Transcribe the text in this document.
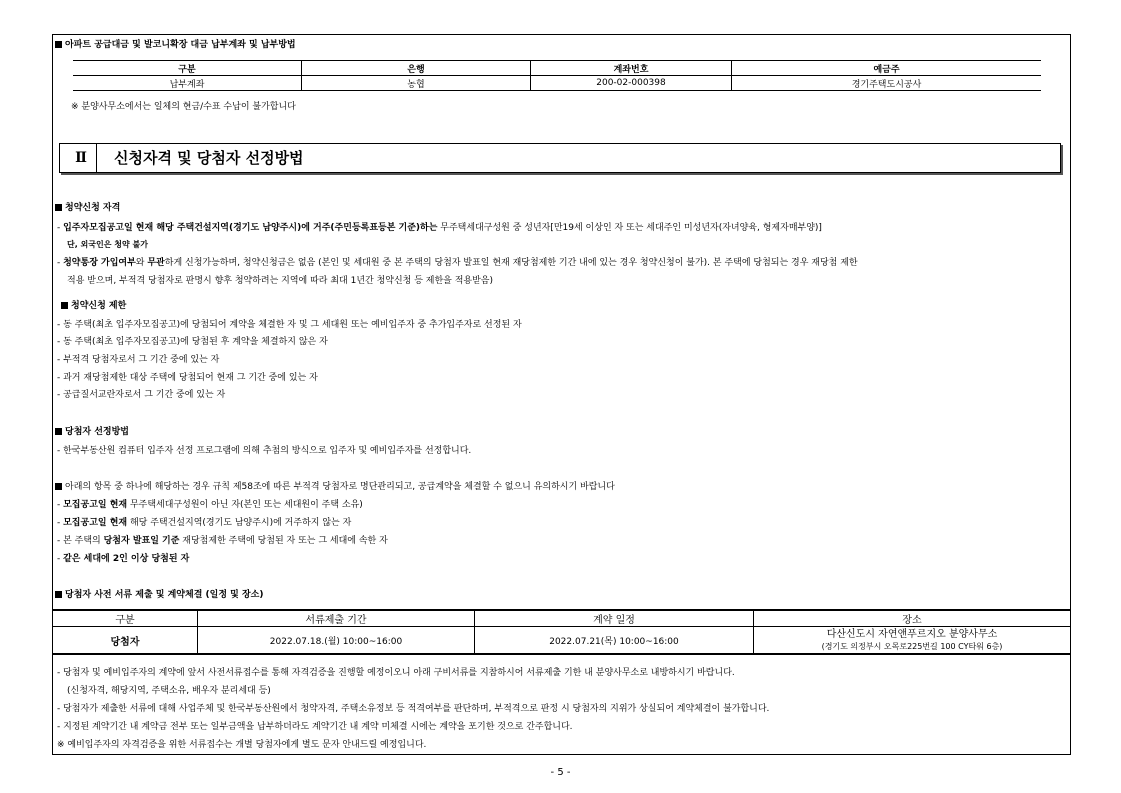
아파트 공급대금 및 발코니확장 대금 납부계좌 및 납부방법
구분	은행	계좌번호	예금주
납부계좌	농협	200-02-000398	경기주택도시공사
※ 분양사무소에서는 일체의 현금/수표 수납이 불가합니다
Ⅱ	신청자격 및 당첨자 선정방법
청약신청 자격
- 입주자모집공고일 현재 해당 주택건설지역(경기도 남양주시)에 거주(주민등록표등본 기준)하는 무주택세대구성원 중 성년자[만19세 이상인 자 또는 세대주인 미성년자(자녀양육, 형제자매부양)]
단, 외국인은 청약 불가
- 청약통장 가입여부와 무관하게 신청가능하며, 청약신청금은 없음 (본인 및 세대원 중 본 주택의 당첨자 발표일 현재 재당첨제한 기간 내에 있는 경우 청약신청이 불가). 본 주택에 당첨되는 경우 재당첨 제한
적용 받으며, 부적격 당첨자로 판명시 향후 청약하려는 지역에 따라 최대 1년간 청약신청 등 제한을 적용받음)
청약신청 제한
- 동 주택(최초 입주자모집공고)에 당첨되어 계약을 체결한 자 및 그 세대원 또는 예비입주자 중 추가입주자로 선정된 자
- 동 주택(최초 입주자모집공고)에 당첨된 후 계약을 체결하지 않은 자
- 부적격 당첨자로서 그 기간 중에 있는 자
- 과거 재당첨제한 대상 주택에 당첨되어 현재 그 기간 중에 있는 자
- 공급질서교란자로서 그 기간 중에 있는 자
당첨자 선정방법
- 한국부동산원 컴퓨터 입주자 선정 프로그램에 의해 추첨의 방식으로 입주자 및 예비입주자를 선정합니다.
아래의 항목 중 하나에 해당하는 경우 규칙 제58조에 따른 부적격 당첨자로 명단관리되고, 공급계약을 체결할 수 없으니 유의하시기 바랍니다
- 모집공고일 현재 무주택세대구성원이 아닌 자(본인 또는 세대원이 주택 소유)
- 모집공고일 현재 해당 주택건설지역(경기도 남양주시)에 거주하지 않는 자
- 본 주택의 당첨자 발표일 기준 재당첨제한 주택에 당첨된 자 또는 그 세대에 속한 자
- 같은 세대에 2인 이상 당첨된 자
당첨자 사전 서류 제출 및 계약체결 (일정 및 장소)
구분	서류제출 기간	계약 일정	장소
당첨자	2022.07.18.(월) 10:00~16:00	2022.07.21(목) 10:00~16:00	다산신도시 자연앤푸르지오 분양사무소
(경기도 의정부시 오목로225번길 100 CY타워 6층)
- 당첨자 및 예비입주자의 계약에 앞서 사전서류접수를 통해 자격검증을 진행할 예정이오니 아래 구비서류를 지참하시어 서류제출 기한 내 분양사무소로 내방하시기 바랍니다.
(신청자격, 해당지역, 주택소유, 배우자 분리세대 등)
- 당첨자가 제출한 서류에 대해 사업주체 및 한국부동산원에서 청약자격, 주택소유정보 등 적격여부를 판단하며, 부적격으로 판정 시 당첨자의 지위가 상실되어 계약체결이 불가합니다.
- 지정된 계약기간 내 계약금 전부 또는 일부금액을 납부하더라도 계약기간 내 계약 미체결 시에는 계약을 포기한 것으로 간주합니다.
※ 예비입주자의 자격검증을 위한 서류접수는 개별 당첨자에게 별도 문자 안내드릴 예정입니다.
- 5 -
